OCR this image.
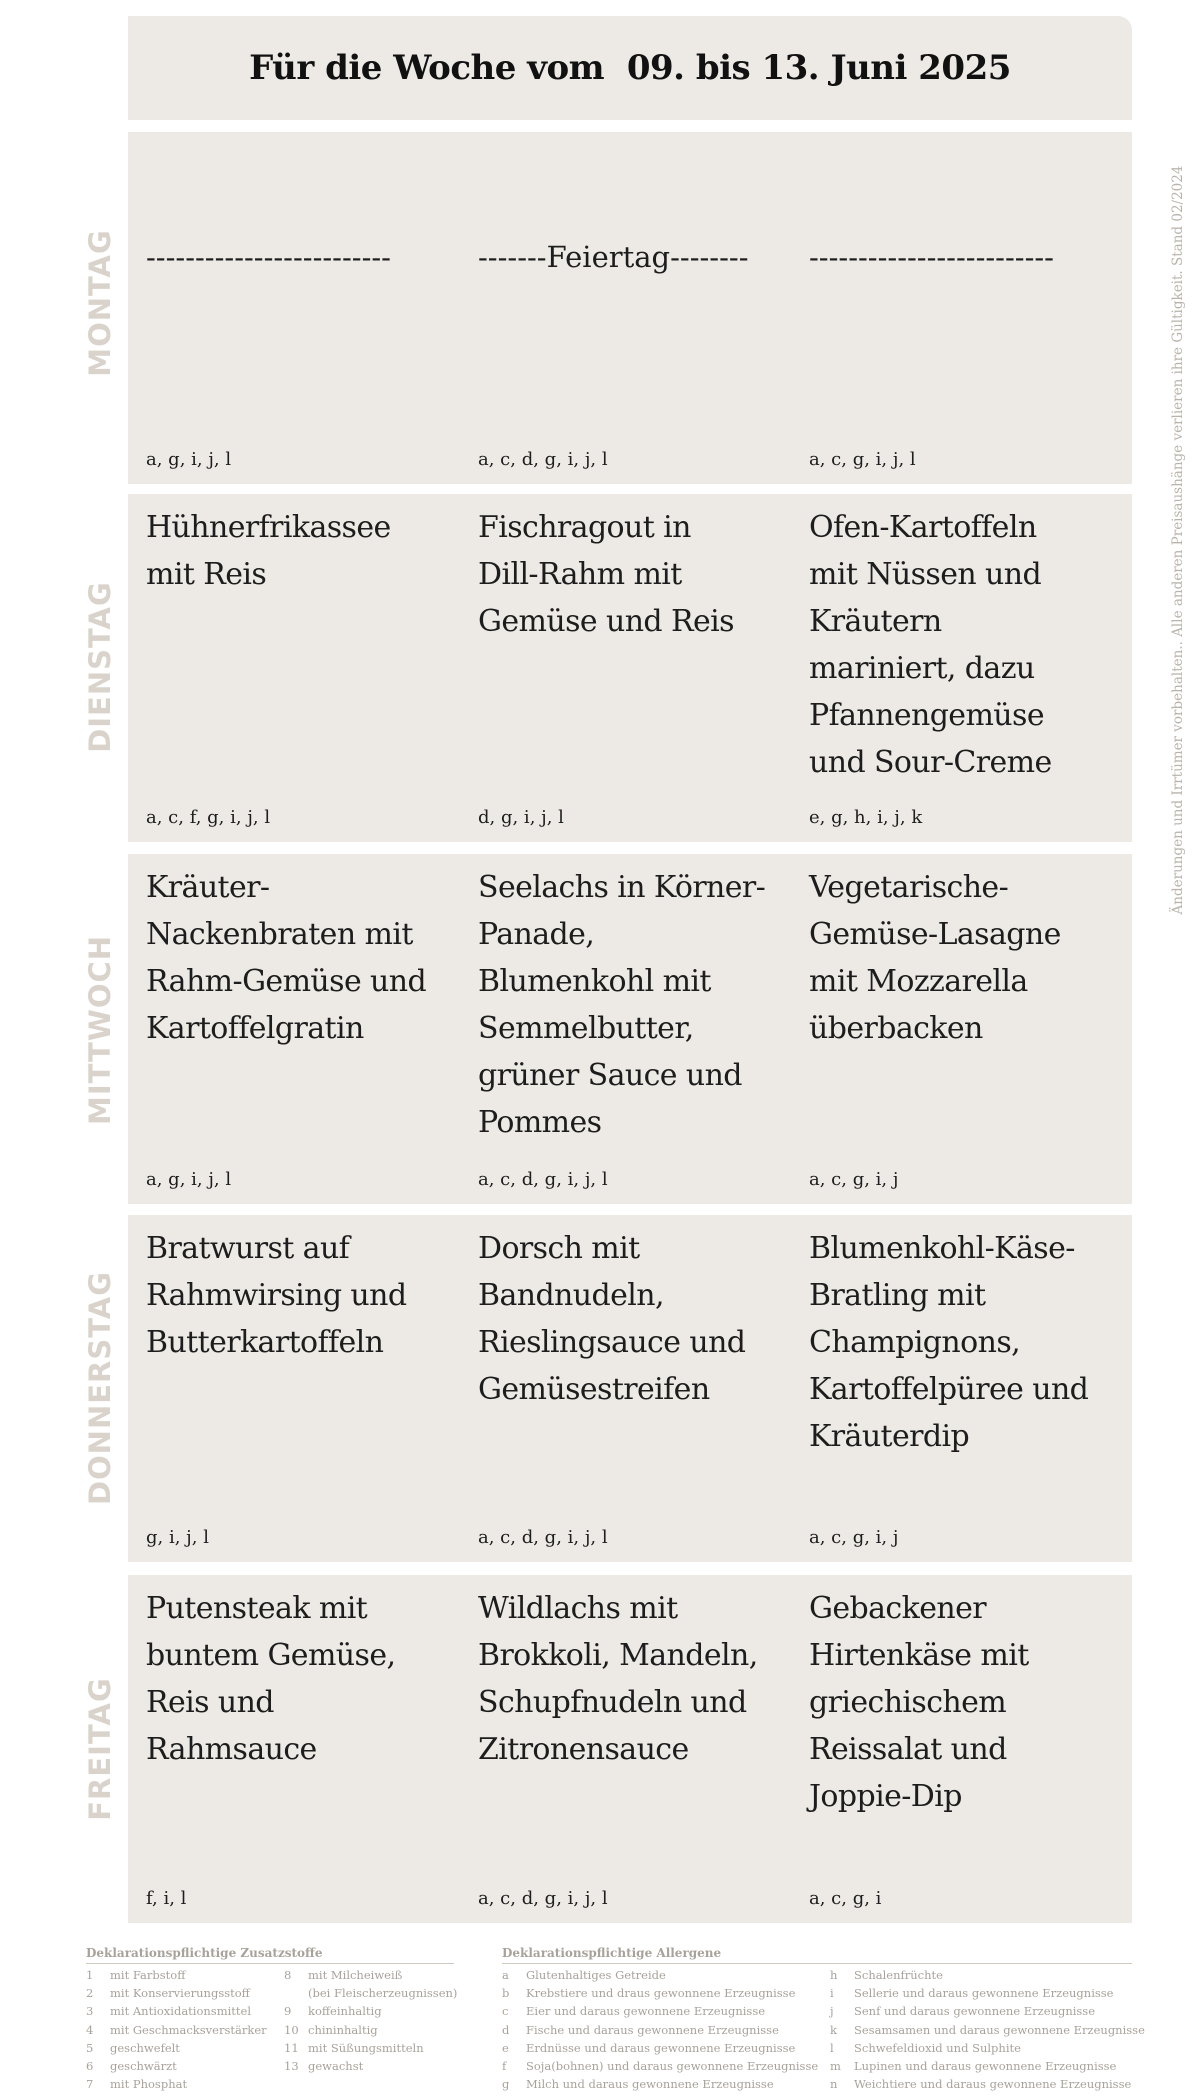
Für die Woche vom  09. bis 13. Juni 2025
Änderungen und Irrtümer vorbehalten.. Alle anderen Preisaushänge verlieren ihre Gültigkeit. Stand 02/2024
MONTAG -------------------------
a, g, i, j, l
-------Feiertag--------
a, c, d, g, i, j, l
-------------------------
a, c, g, i, j, l
DIENSTAG
Hühnerfrikassee
mit Reis
a, c, f, g, i, j, l
Fischragout in
Dill-Rahm mit
Gemüse und Reis
d, g, i, j, l
Ofen-Kartoffeln
mit Nüssen und
Kräutern
mariniert, dazu
Pfannengemüse
und Sour-Creme
e, g, h, i, j, k
MITTWOCH
Kräuter-
Nackenbraten mit
Rahm-Gemüse und
Kartoffelgratin
a, g, i, j, l
Seelachs in Körner-
Panade,
Blumenkohl mit
Semmelbutter,
grüner Sauce und
Pommes
a, c, d, g, i, j, l
Vegetarische-
Gemüse-Lasagne
mit Mozzarella
überbacken
a, c, g, i, j
DONNERSTAG
Bratwurst auf
Rahmwirsing und
Butterkartoffeln
g, i, j, l
Dorsch mit
Bandnudeln,
Rieslingsauce und
Gemüsestreifen
a, c, d, g, i, j, l
Blumenkohl-Käse-
Bratling mit
Champignons,
Kartoffelpüree und
Kräuterdip
a, c, g, i, j
FREITAG
Putensteak mit
buntem Gemüse,
Reis und
Rahmsauce
f, i, l
Wildlachs mit
Brokkoli, Mandeln,
Schupfnudeln und
Zitronensauce
a, c, d, g, i, j, l
Gebackener
Hirtenkäse mit
griechischem
Reissalat und
Joppie-Dip
a, c, g, i
Deklarationspflichtige Zusatzstoffe
1	mit Farbstoff
2	mit Konservierungsstoff
3	mit Antioxidationsmittel
4	mit Geschmacksverstärker
5	geschwefelt
6	geschwärzt
7	mit Phosphat
8	mit Milcheiweiß
(bei Fleischerzeugnissen)
9	koffeinhaltig
10 chininhaltig
11 mit Süßungsmitteln
13 gewachst
Deklarationspflichtige Allergene
a	Glutenhaltiges Getreide
b	Krebstiere und draus gewonnene Erzeugnisse
c	Eier und daraus gewonnene Erzeugnisse
d	Fische und daraus gewonnene Erzeugnisse
e	Erdnüsse und daraus gewonnene Erzeugnisse
f	Soja(bohnen) und daraus gewonnene Erzeugnisse
g	Milch und daraus gewonnene Erzeugnisse
h	Schalenfrüchte
i	Sellerie und daraus gewonnene Erzeugnisse
j	Senf und daraus gewonnene Erzeugnisse
k	Sesamsamen und daraus gewonnene Erzeugnisse
l	Schwefeldioxid und Sulphite
m	Lupinen und daraus gewonnene Erzeugnisse
n	Weichtiere und daraus gewonnene Erzeugnisse
